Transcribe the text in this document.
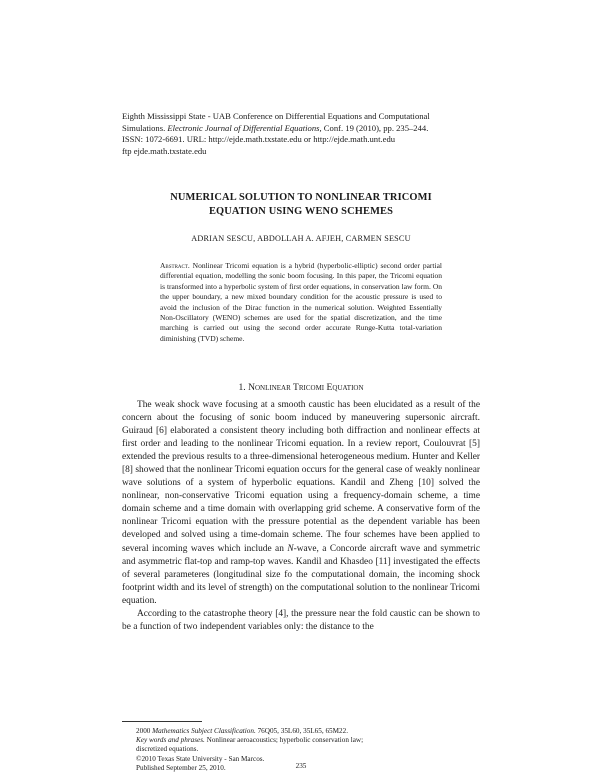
Eighth Mississippi State - UAB Conference on Differential Equations and Computational
Simulations. Electronic Journal of Differential Equations, Conf. 19 (2010), pp. 235–244.
ISSN: 1072-6691. URL: http://ejde.math.txstate.edu or http://ejde.math.unt.edu
ftp ejde.math.txstate.edu
NUMERICAL SOLUTION TO NONLINEAR TRICOMI
EQUATION USING WENO SCHEMES
ADRIAN SESCU, ABDOLLAH A. AFJEH, CARMEN SESCU
Abstract. Nonlinear Tricomi equation is a hybrid (hyperbolic-elliptic) second order partial differential equation, modelling the sonic boom focusing. In this paper, the Tricomi equation is transformed into a hyperbolic system of first order equations, in conservation law form. On the upper boundary, a new mixed boundary condition for the acoustic pressure is used to avoid the inclusion of the Dirac function in the numerical solution. Weighted Essentially Non-Oscillatory (WENO) schemes are used for the spatial discretization, and the time marching is carried out using the second order accurate Runge-Kutta total-variation diminishing (TVD) scheme.
1. Nonlinear Tricomi Equation

The weak shock wave focusing at a smooth caustic has been elucidated as a result of the concern about the focusing of sonic boom induced by maneuvering supersonic aircraft. Guiraud [6] elaborated a consistent theory including both diffraction and nonlinear effects at first order and leading to the nonlinear Tricomi equation. In a review report, Coulouvrat [5] extended the previous results to a three-dimensional heterogeneous medium. Hunter and Keller [8] showed that the nonlinear Tricomi equation occurs for the general case of weakly nonlinear wave solutions of a system of hyperbolic equations. Kandil and Zheng [10] solved the nonlinear, non-conservative Tricomi equation using a frequency-domain scheme, a time domain scheme and a time domain with overlapping grid scheme. A conservative form of the nonlinear Tricomi equation with the pressure potential as the dependent variable has been developed and solved using a time-domain scheme. The four schemes have been applied to several incoming waves which include an N-wave, a Concorde aircraft wave and symmetric and asymmetric flat-top and ramp-top waves. Kandil and Khasdeo [11] investigated the effects of several parameteres (longitudinal size fo the computational domain, the incoming shock footprint width and its level of strength) on the computational solution to the nonlinear Tricomi equation.

According to the catastrophe theory [4], the pressure near the fold caustic can be shown to be a function of two independent variables only: the distance to the

2000 Mathematics Subject Classification. 76Q05, 35L60, 35L65, 65M22.
Key words and phrases. Nonlinear aeroacoustics; hyperbolic conservation law;
discretized equations.
©2010 Texas State University - San Marcos.
Published September 25, 2010.	235
